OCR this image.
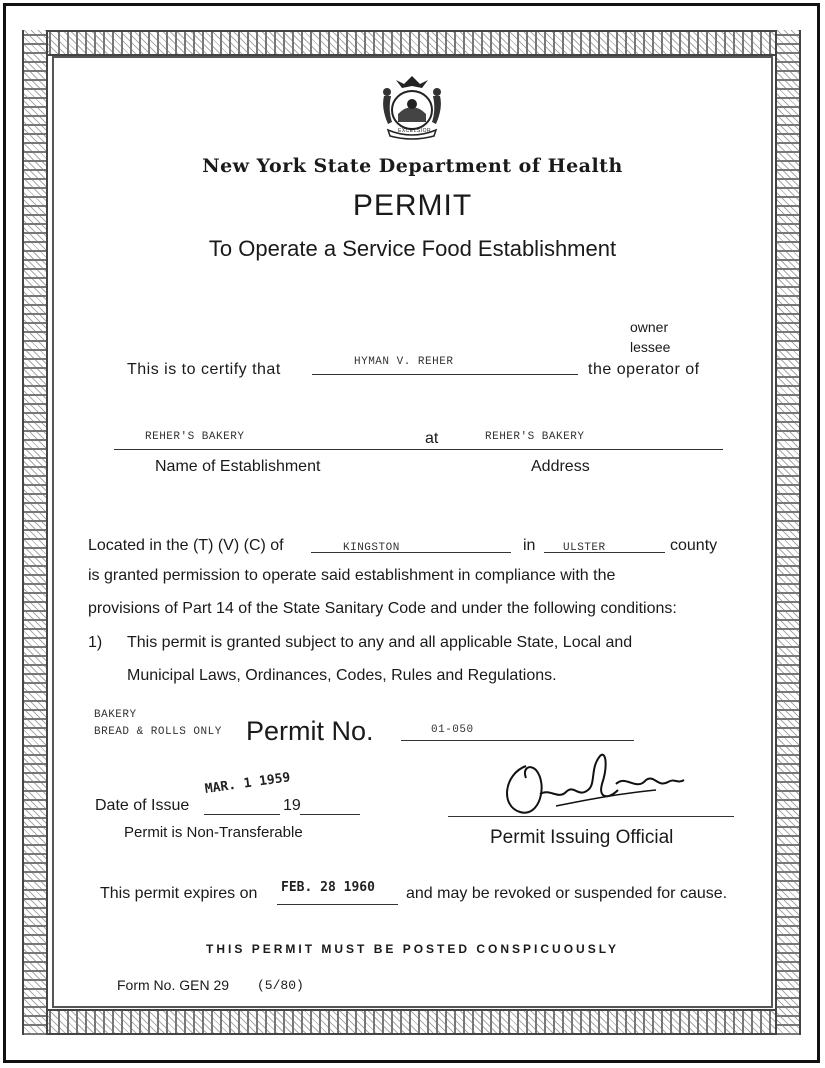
EXCELSIOR
New York State Department of Health
PERMIT
To Operate a Service Food Establishment
owner
lessee
This is to certify that	HYMAN V. REHER	the operator of
REHER'S BAKERY	at	REHER'S BAKERY
Name of Establishment	Address
Located in the (T) (V) (C) of	KINGSTON	in	ULSTER	county
is granted permission to operate said establishment in compliance with the
provisions of Part 14 of the State Sanitary Code and under the following conditions:
1) This permit is granted subject to any and all applicable State, Local and
Municipal Laws, Ordinances, Codes, Rules and Regulations.
BAKERY
BREAD & ROLLS ONLY Permit No.	01-050
Date of Issue
MAR. 1 1959
19
Permit is Non-Transferable	Permit Issuing Official
This permit expires on FEB. 28 1960 and may be revoked or suspended for cause.
THIS PERMIT MUST BE POSTED CONSPICUOUSLY
Form No. GEN 29 (5/80)
